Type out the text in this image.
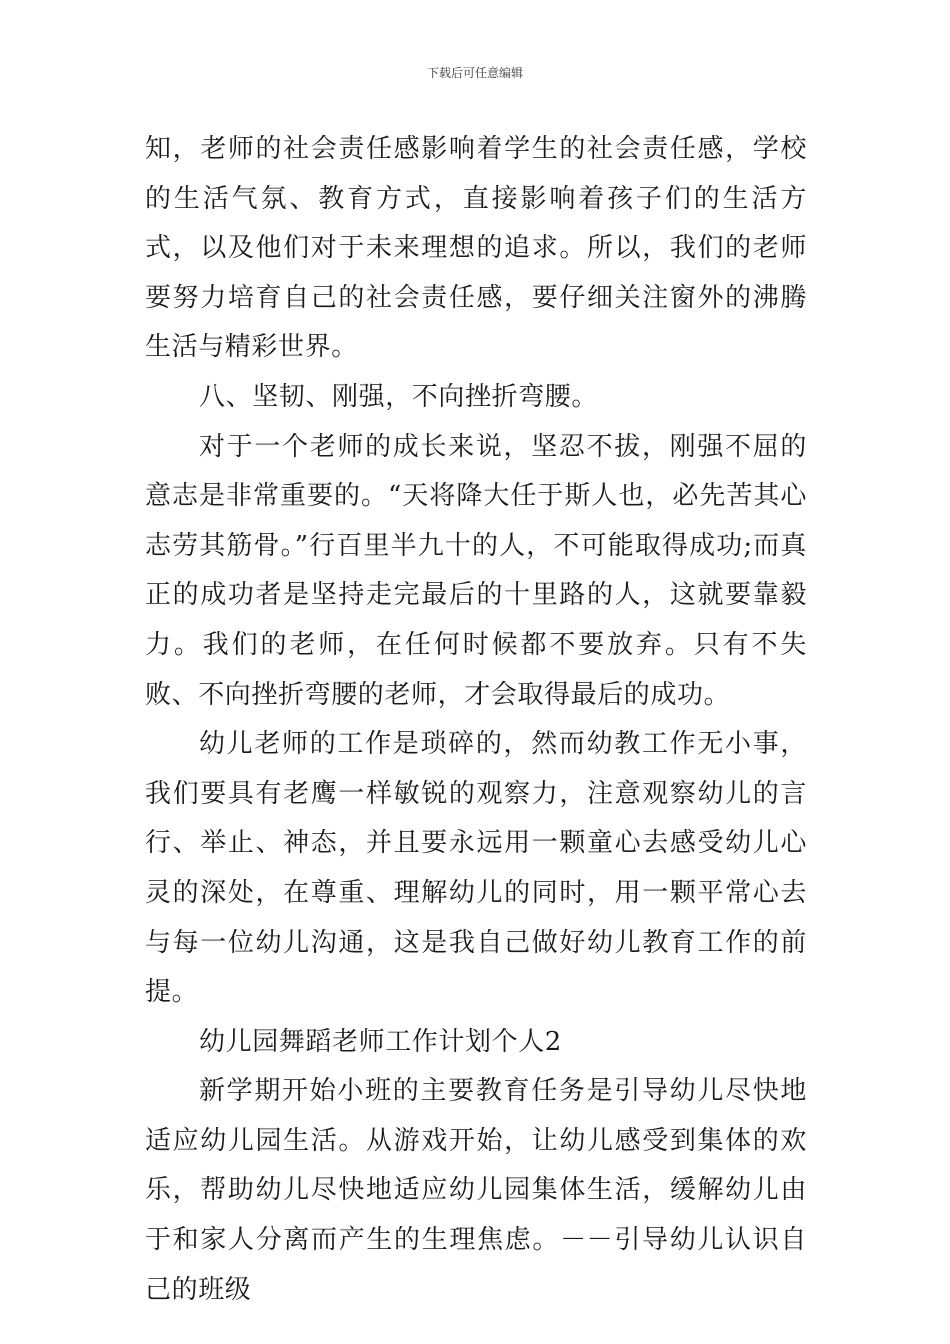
下载后可任意编辑

知，老师的社会责任感影响着学生的社会责任感，学校的生活气氛、教育方式，直接影响着孩子们的生活方式，以及他们对于未来理想的追求。所以，我们的老师要努力培育自己的社会责任感，要仔细关注窗外的沸腾生活与精彩世界。

八、坚韧、刚强，不向挫折弯腰。

对于一个老师的成长来说，坚忍不拔，刚强不屈的意志是非常重要的。“天将降大任于斯人也，必先苦其心志劳其筋骨。”行百里半九十的人，不可能取得成功;而真正的成功者是坚持走完最后的十里路的人，这就要靠毅力。我们的老师，在任何时候都不要放弃。只有不失败、不向挫折弯腰的老师，才会取得最后的成功。

幼儿老师的工作是琐碎的，然而幼教工作无小事，我们要具有老鹰一样敏锐的观察力，注意观察幼儿的言行、举止、神态，并且要永远用一颗童心去感受幼儿心灵的深处，在尊重、理解幼儿的同时，用一颗平常心去与每一位幼儿沟通，这是我自己做好幼儿教育工作的前提。

幼儿园舞蹈老师工作计划个人2

新学期开始小班的主要教育任务是引导幼儿尽快地适应幼儿园生活。从游戏开始，让幼儿感受到集体的欢乐，帮助幼儿尽快地适应幼儿园集体生活，缓解幼儿由于和家人分离而产生的生理焦虑。－－引导幼儿认识自己的班级
